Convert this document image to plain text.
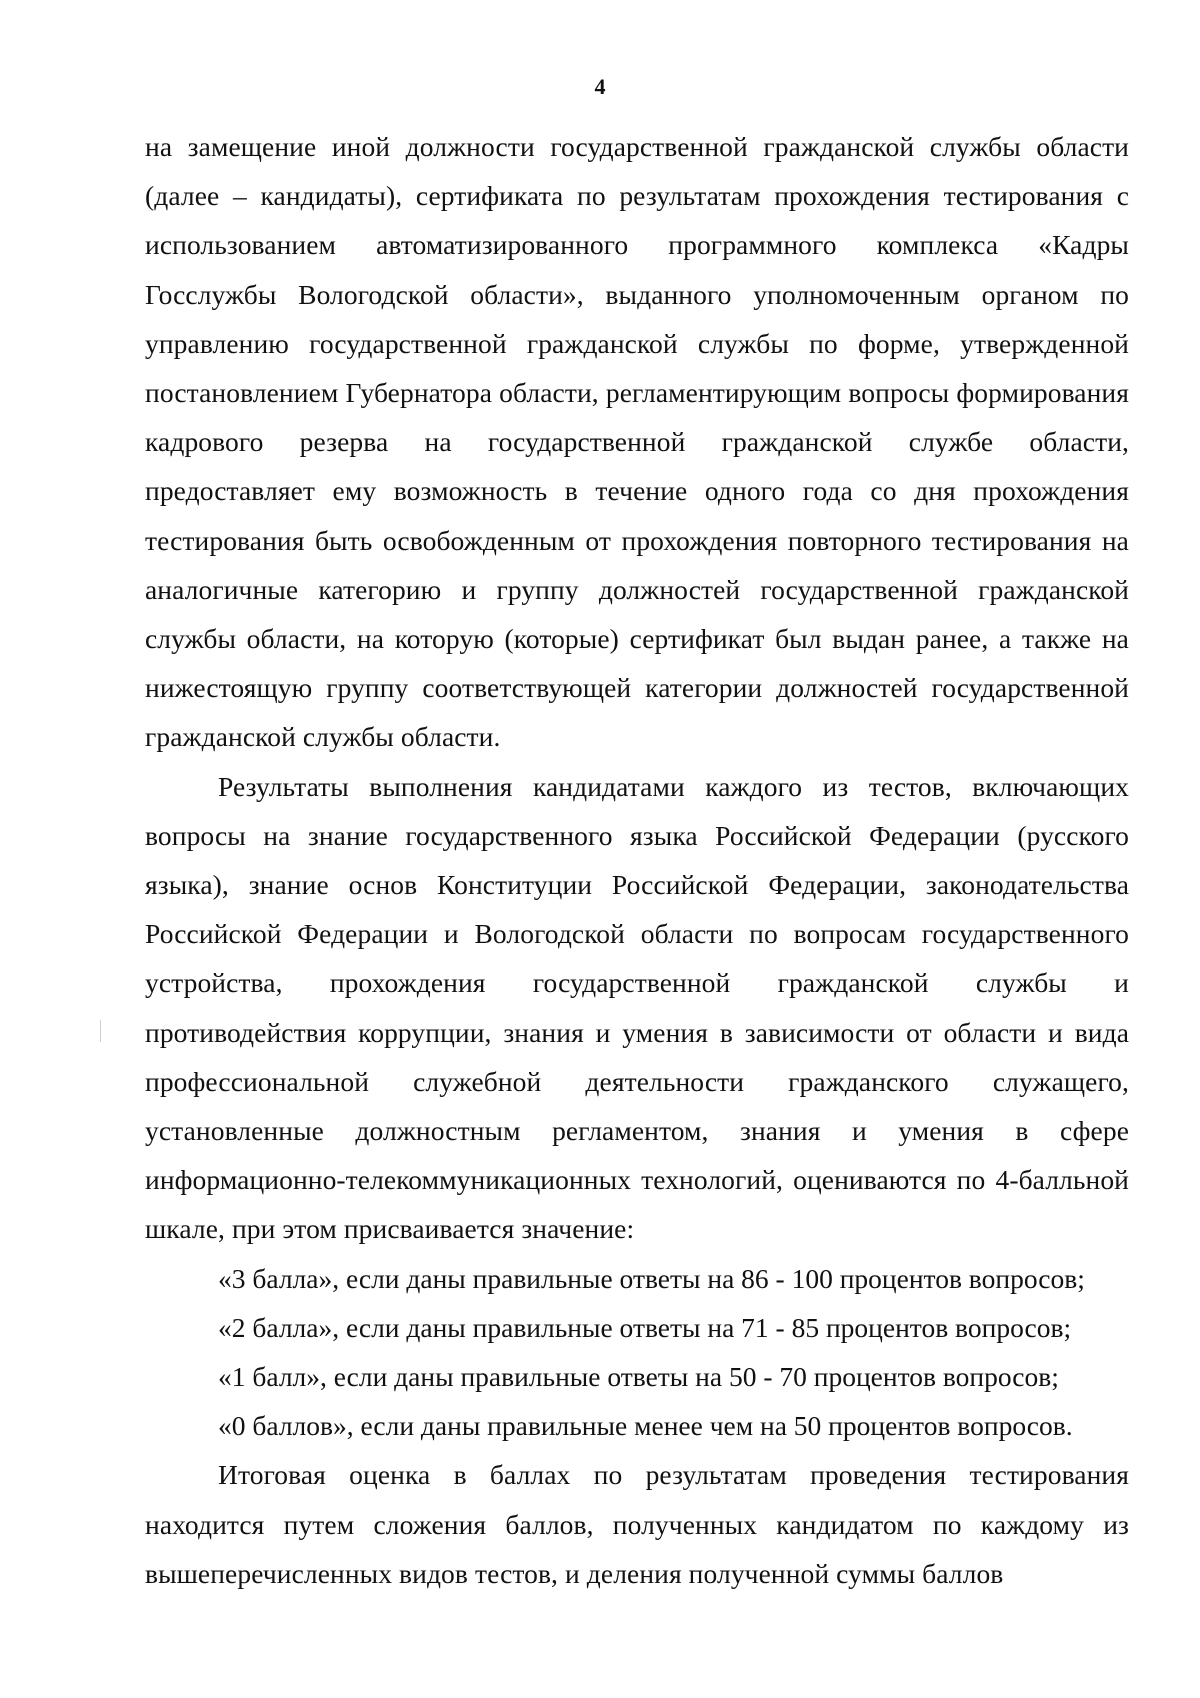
4

на замещение иной должности государственной гражданской службы области (далее – кандидаты), сертификата по результатам прохождения тестирования с использованием автоматизированного программного комплекса «Кадры Госслужбы Вологодской области», выданного уполномоченным органом по управлению государственной гражданской службы по форме, утвержденной постановлением Губернатора области, регламентирующим вопросы формирования кадрового резерва на государственной гражданской службе области, предоставляет ему возможность в течение одного года со дня прохождения тестирования быть освобожденным от прохождения повторного тестирования на аналогичные категорию и группу должностей государственной гражданской службы области, на которую (которые) сертификат был выдан ранее, а также на нижестоящую группу соответствующей категории должностей государственной гражданской службы области.

Результаты выполнения кандидатами каждого из тестов, включающих вопросы на знание государственного языка Российской Федерации (русского языка), знание основ Конституции Российской Федерации, законодательства Российской Федерации и Вологодской области по вопросам государственного устройства, прохождения государственной гражданской службы и противодействия коррупции, знания и умения в зависимости от области и вида профессиональной служебной деятельности гражданского служащего, установленные должностным регламентом, знания и умения в сфере информационно-телекоммуникационных технологий, оцениваются по 4-балльной шкале, при этом присваивается значение:

«3 балла», если даны правильные ответы на 86 - 100 процентов вопросов;

«2 балла», если даны правильные ответы на 71 - 85 процентов вопросов;

«1 балл», если даны правильные ответы на 50 - 70 процентов вопросов;

«0 баллов», если даны правильные менее чем на 50 процентов вопросов.

Итоговая оценка в баллах по результатам проведения тестирования находится путем сложения баллов, полученных кандидатом по каждому из вышеперечисленных видов тестов, и деления полученной суммы баллов
